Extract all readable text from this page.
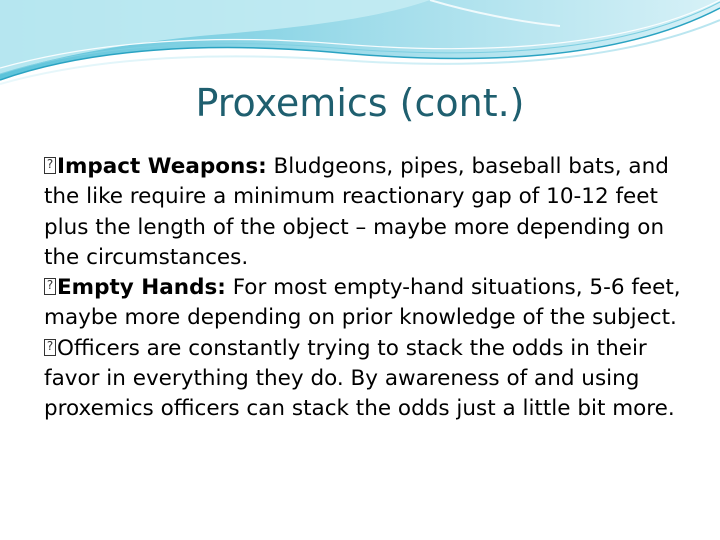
Proxemics (cont.)

?Impact Weapons: Bludgeons, pipes, baseball bats, and the like require a minimum reactionary gap of 10-12 feet plus the length of the object – maybe more depending on the circumstances.

?Empty Hands: For most empty-hand situations, 5-6 feet, maybe more depending on prior knowledge of the subject.

?Officers are constantly trying to stack the odds in their favor in everything they do. By awareness of and using proxemics officers can stack the odds just a little bit more.
